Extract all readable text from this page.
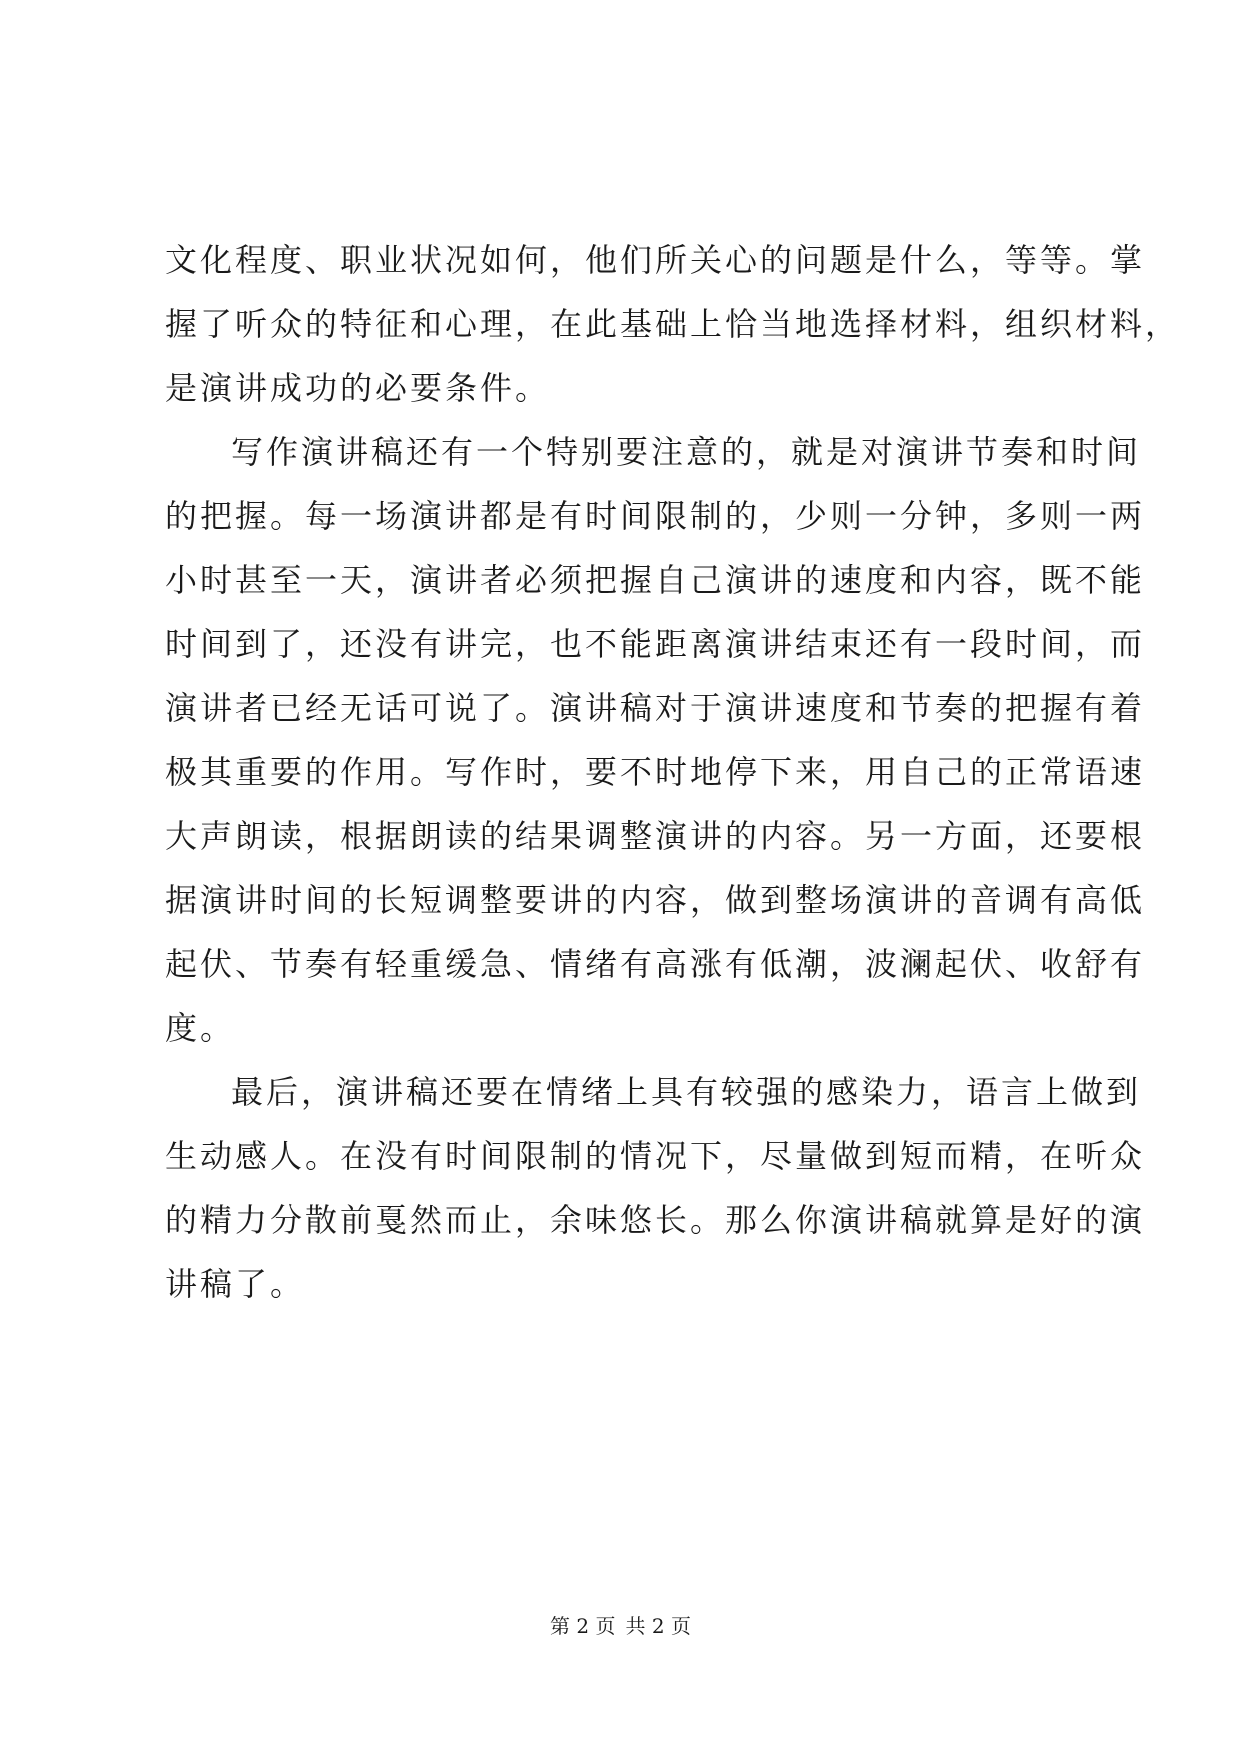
文化程度、职业状况如何，他们所关心的问题是什么，等等。掌
握了听众的特征和心理，在此基础上恰当地选择材料，组织材料，
是演讲成功的必要条件。
写作演讲稿还有一个特别要注意的，就是对演讲节奏和时间
的把握。每一场演讲都是有时间限制的，少则一分钟，多则一两
小时甚至一天，演讲者必须把握自己演讲的速度和内容，既不能
时间到了，还没有讲完，也不能距离演讲结束还有一段时间，而
演讲者已经无话可说了。演讲稿对于演讲速度和节奏的把握有着
极其重要的作用。写作时，要不时地停下来，用自己的正常语速
大声朗读，根据朗读的结果调整演讲的内容。另一方面，还要根
据演讲时间的长短调整要讲的内容，做到整场演讲的音调有高低
起伏、节奏有轻重缓急、情绪有高涨有低潮，波澜起伏、收舒有
度。
最后，演讲稿还要在情绪上具有较强的感染力，语言上做到
生动感人。在没有时间限制的情况下，尽量做到短而精，在听众
的精力分散前戛然而止，余味悠长。那么你演讲稿就算是好的演
讲稿了。
第 2 页 共 2 页
